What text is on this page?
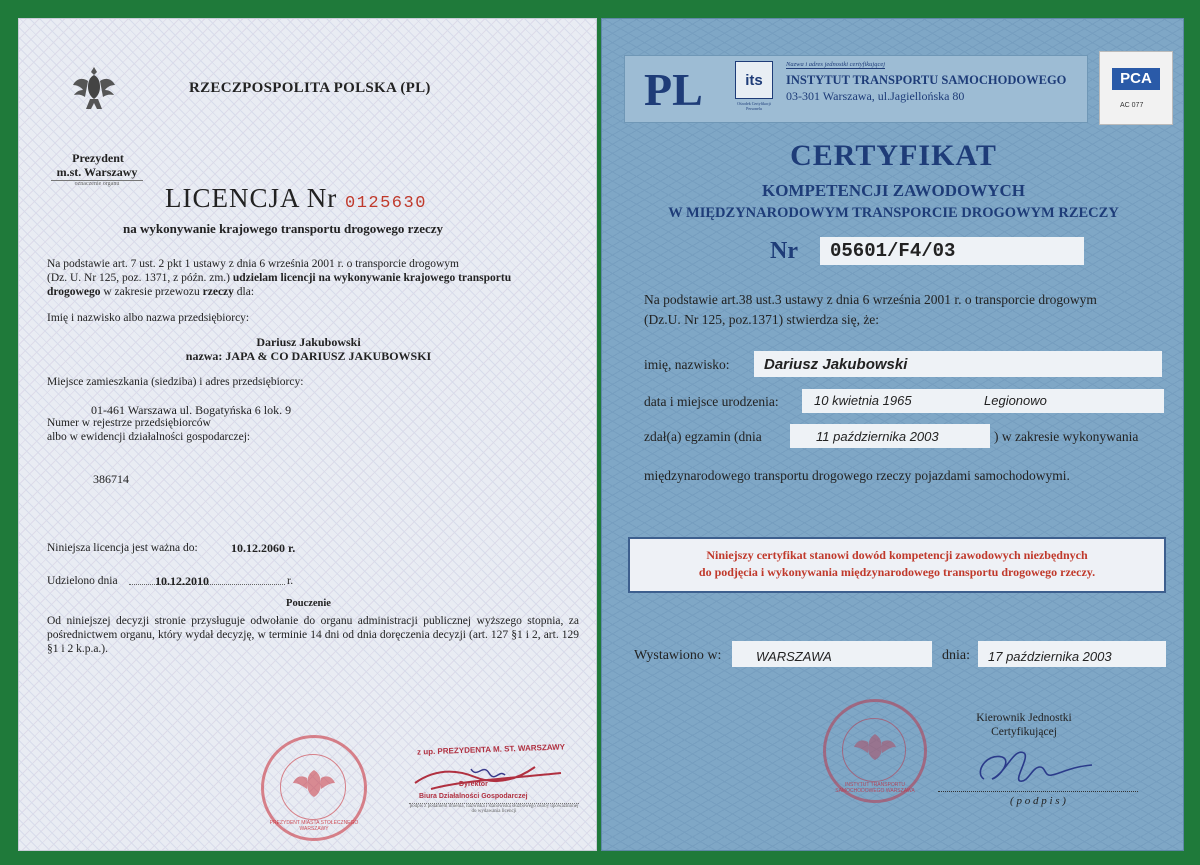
RZECZPOSPOLITA POLSKA (PL)
Prezydent
m.st. Warszawy
oznaczenie organu	LICENCJA Nr 0125630
na wykonywanie krajowego transportu drogowego rzeczy
Na podstawie art. 7 ust. 2 pkt 1 ustawy z dnia 6 września 2001 r. o transporcie drogowym
(Dz. U. Nr 125, poz. 1371, z późn. zm.) udzielam licencji na wykonywanie krajowego transportu
drogowego w zakresie przewozu rzeczy dla:
Imię i nazwisko albo nazwa przedsiębiorcy:
Dariusz Jakubowski
nazwa: JAPA & CO DARIUSZ JAKUBOWSKI
Miejsce zamieszkania (siedziba) i adres przedsiębiorcy:
01-461 Warszawa ul. Bogatyńska 6 lok. 9
Numer w rejestrze przedsiębiorców
albo w ewidencji działalności gospodarczej:
386714
Niniejsza licencja jest ważna do:	10.12.2060 r.
Udzielono dnia	10.12.2010	r.
Pouczenie
Od niniejszej decyzji stronie przysługuje odwołanie do organu administracji publicznej wyższego stopnia, za pośrednictwem organu, który wydał decyzję, w terminie 14 dni od dnia doręczenia decyzji (art. 127 §1 i 2, art. 129 §1 i 2 k.p.a.).
PREZYDENT MIASTA STOŁECZNEGO WARSZAWY
z up. PREZYDENTA M. ST. WARSZAWY
Dyrektor
Biura Działalności Gospodarczej
podpis z podaniem imienia, nazwiska i stanowiska służbowego osoby upoważnionej do wydawania licencji
PL	its
Ośrodek Certyfikacji Personelu
Nazwa i adres jednostki certyfikującej
INSTYTUT TRANSPORTU SAMOCHODOWEGO
03-301 Warszawa, ul.Jagiellońska 80
PCA
AC 077
CERTYFIKAT
KOMPETENCJI ZAWODOWYCH
W MIĘDZYNARODOWYM TRANSPORCIE DROGOWYM RZECZY
Nr	05601/F4/03
Na podstawie art.38 ust.3 ustawy z dnia 6 września 2001 r. o transporcie drogowym
(Dz.U. Nr 125, poz.1371) stwierdza się, że:
imię, nazwisko:	Dariusz Jakubowski
data i miejsce urodzenia:	10 kwietnia 1965	Legionowo
zdał(a) egzamin (dnia	11 października 2003	) w zakresie wykonywania
międzynarodowego transportu drogowego rzeczy pojazdami samochodowymi.
Niniejszy certyfikat stanowi dowód kompetencji zawodowych niezbędnych
do podjęcia i wykonywania międzynarodowego transportu drogowego rzeczy.
Wystawiono w:	WARSZAWA	dnia:	17 października 2003
INSTYTUT TRANSPORTU SAMOCHODOWEGO WARSZAWA
Kierownik Jednostki
Certyfikującej
( p o d p i s )
